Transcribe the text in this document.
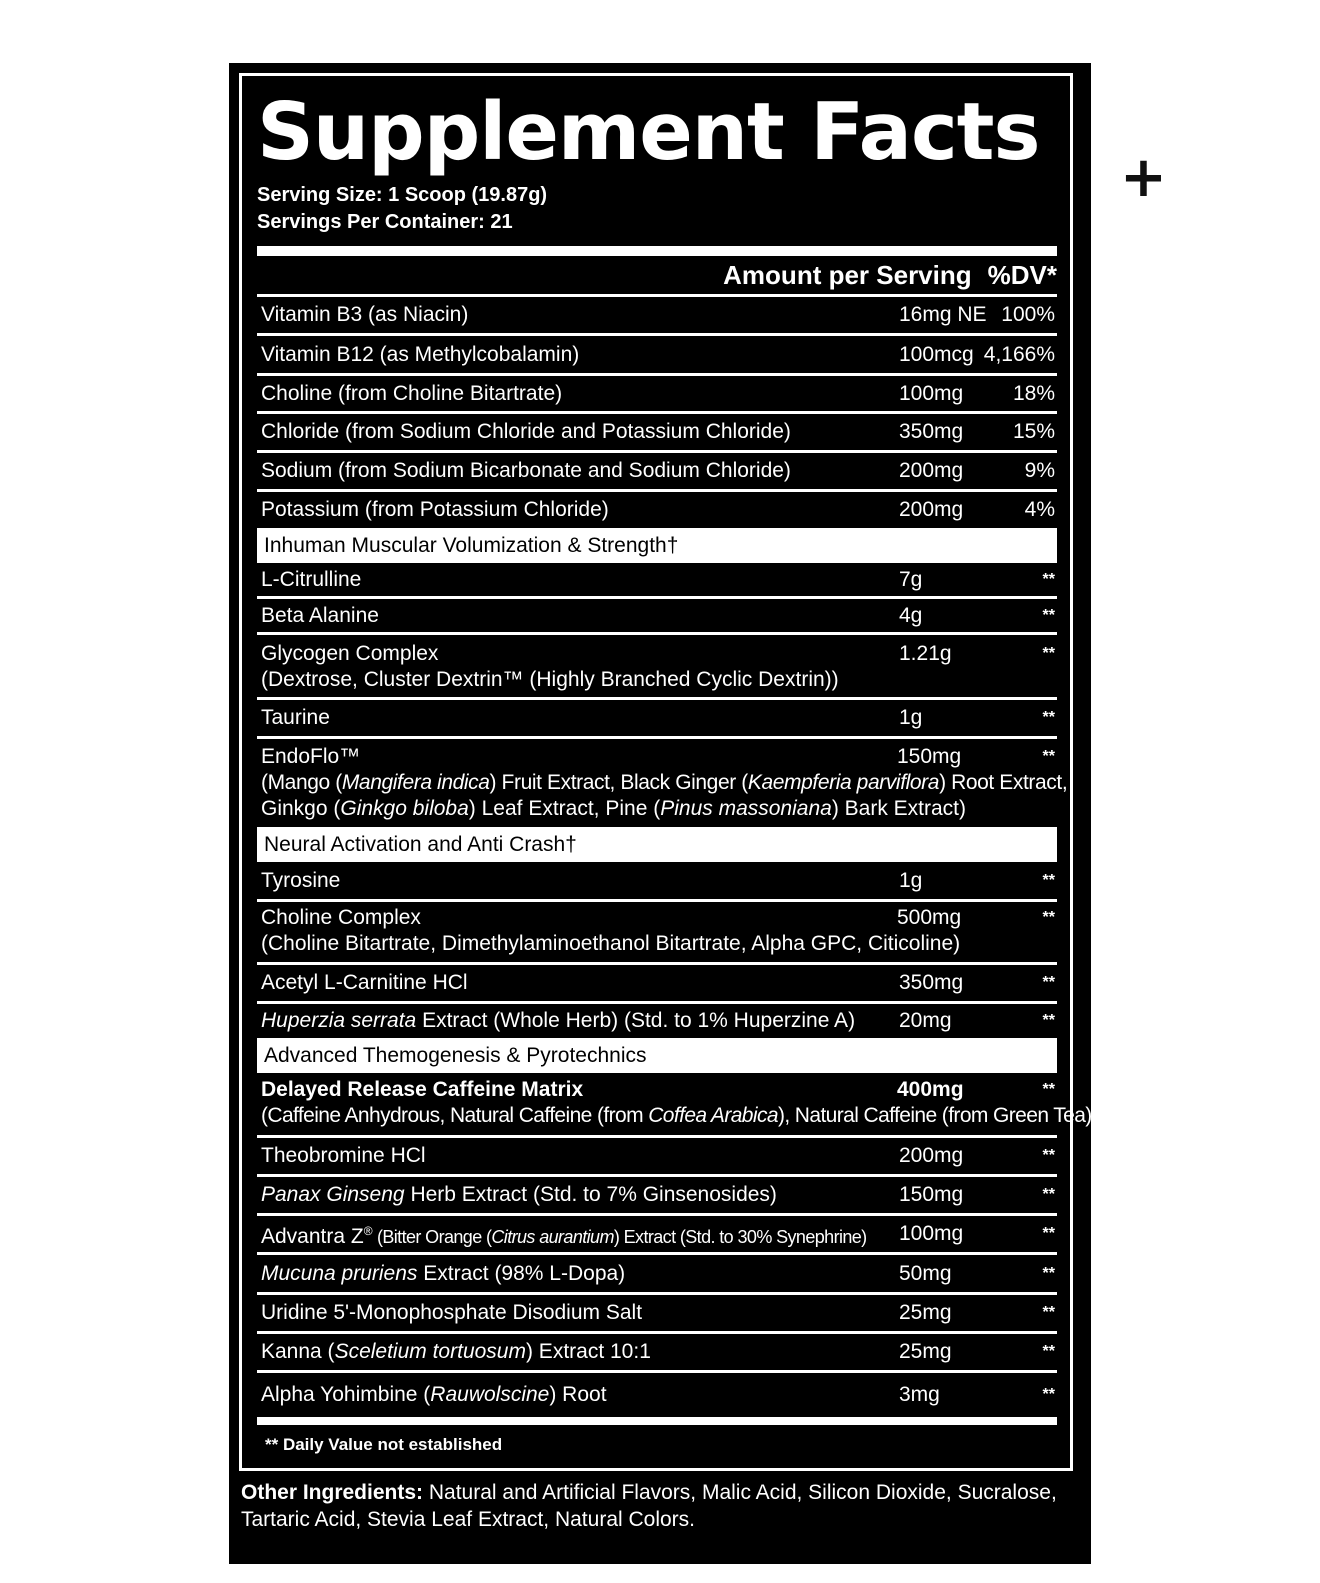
+
Supplement Facts
Serving Size: 1 Scoop (19.87g)
Servings Per Container: 21
Amount per Serving %DV*
Vitamin B3 (as Niacin)	16mg NE 100%
Vitamin B12 (as Methylcobalamin)	100mcg 4,166%
Choline (from Choline Bitartrate)	100mg	18%
Chloride (from Sodium Chloride and Potassium Chloride)	350mg	15%
Sodium (from Sodium Bicarbonate and Sodium Chloride)	200mg	9%
Potassium (from Potassium Chloride)	200mg	4%
Inhuman Muscular Volumization & Strength†
L-Citrulline	7g	**
Beta Alanine	4g	**
Glycogen Complex
(Dextrose, Cluster Dextrin™ (Highly Branched Cyclic Dextrin))
1.21g	**
Taurine	1g	**
EndoFlo™
(Mango (Mangifera indica) Fruit Extract, Black Ginger (Kaempferia parviflora) Root Extract,
Ginkgo (Ginkgo biloba) Leaf Extract, Pine (Pinus massoniana) Bark Extract)
150mg	**
Neural Activation and Anti Crash†
Tyrosine	1g	**
Choline Complex
(Choline Bitartrate, Dimethylaminoethanol Bitartrate, Alpha GPC, Citicoline)
500mg	**
Acetyl L-Carnitine HCl	350mg	**
Huperzia serrata Extract (Whole Herb) (Std. to 1% Huperzine A)	20mg	**
Advanced Themogenesis & Pyrotechnics
Delayed Release Caffeine Matrix
(Caffeine Anhydrous, Natural Caffeine (from Coffea Arabica), Natural Caffeine (from Green Tea))
400mg	**
Theobromine HCl	200mg	**
Panax Ginseng Herb Extract (Std. to 7% Ginsenosides)	150mg	**
Advantra Z® (Bitter Orange (Citrus aurantium) Extract (Std. to 30% Synephrine)	100mg	**
Mucuna pruriens Extract (98% L-Dopa)	50mg	**
Uridine 5'-Monophosphate Disodium Salt	25mg	**
Kanna (Sceletium tortuosum) Extract 10:1	25mg	**
Alpha Yohimbine (Rauwolscine) Root	3mg	**
** Daily Value not established
Other Ingredients: Natural and Artificial Flavors, Malic Acid, Silicon Dioxide, Sucralose, Tartaric Acid, Stevia Leaf Extract, Natural Colors.
